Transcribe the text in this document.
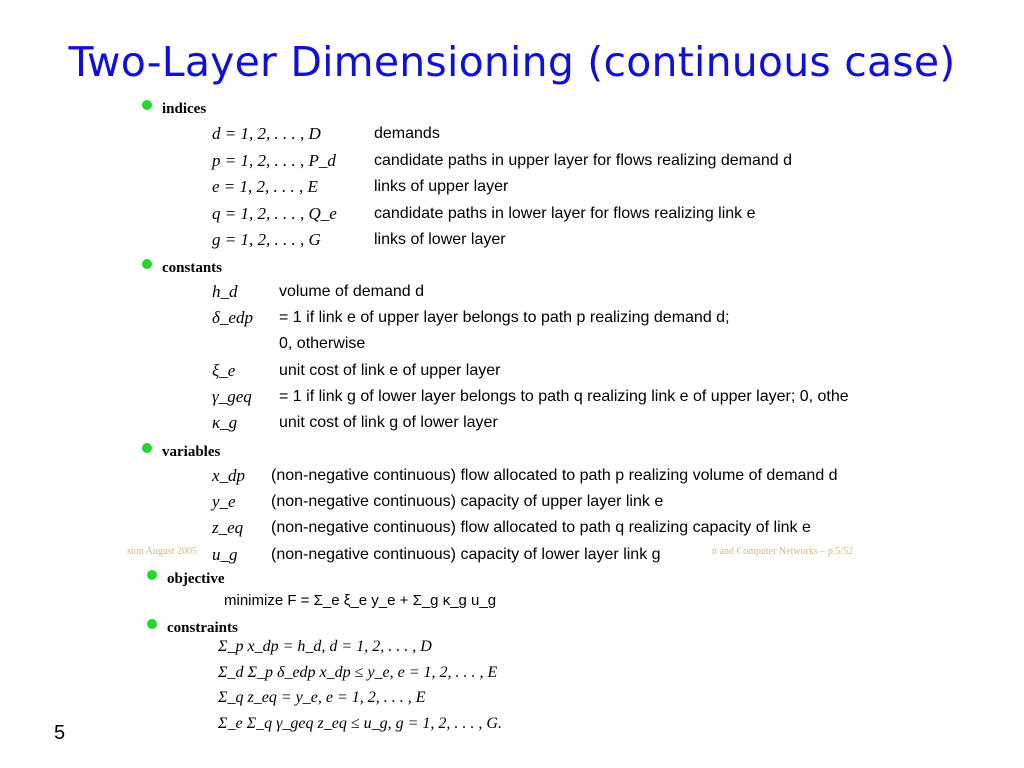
Two-Layer Dimensioning (continuous case)
indices
d = 1, 2, . . . , D	demands
p = 1, 2, . . . , P_d candidate paths in upper layer for flows realizing demand d
e = 1, 2, . . . , E	links of upper layer
q = 1, 2, . . . , Q_e candidate paths in lower layer for flows realizing link e
g = 1, 2, . . . , G	links of lower layer
constants
h_d	volume of demand d
δ_edp = 1 if link e of upper layer belongs to path p realizing demand d;
0, otherwise
ξ_e	unit cost of link e of upper layer
γ_geq = 1 if link g of lower layer belongs to path q realizing link e of upper layer; 0, othe
κ_g	unit cost of link g of lower layer
variables
x_dp (non-negative continuous) flow allocated to path p realizing volume of demand d
y_e (non-negative continuous) capacity of upper layer link e
z_eq (non-negative continuous) flow allocated to path q realizing capacity of link e
u_g (non-negative continuous) capacity of lower layer link g
sion August 2005	n and Computer Networks – p.5/52
objective
minimize F = Σ_e ξ_e y_e + Σ_g κ_g u_g
constraints
Σ_p x_dp = h_d, d = 1, 2, . . . , D
Σ_d Σ_p δ_edp x_dp ≤ y_e, e = 1, 2, . . . , E
Σ_q z_eq = y_e, e = 1, 2, . . . , E
Σ_e Σ_q γ_geq z_eq ≤ u_g, g = 1, 2, . . . , G.
5
